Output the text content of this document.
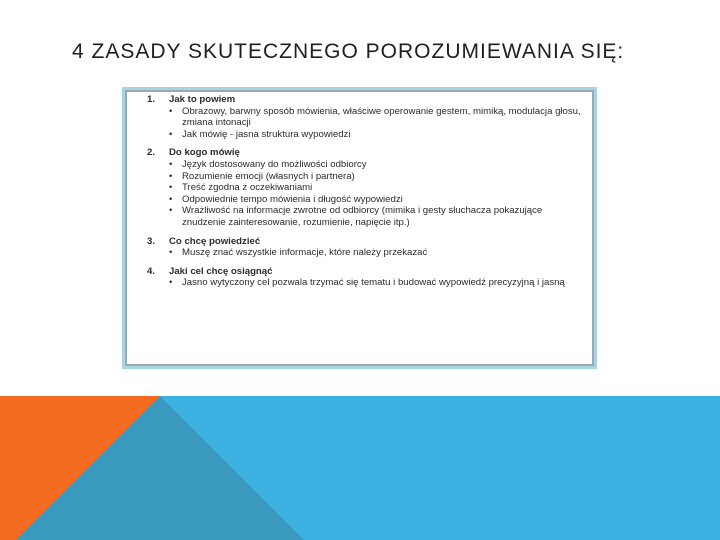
4 ZASADY SKUTECZNEGO POROZUMIEWANIA SIĘ:
1.	Jak to powiem
• Obrazowy, barwny sposób mówienia, właściwe operowanie gestem, mimiką, modulacja głosu, zmiana intonacji
• Jak mówię - jasna struktura wypowiedzi
2.	Do kogo mówię
• Język dostosowany do możliwości odbiorcy
• Rozumienie emocji (własnych i partnera)
• Treść zgodna z oczekiwaniami
• Odpowiednie tempo mówienia i długość wypowiedzi
• Wrażliwość na informacje zwrotne od odbiorcy (mimika i gesty słuchacza pokazujące znudzenie zainteresowanie, rozumienie, napięcie itp.)
3.	Co chcę powiedzieć
• Muszę znać wszystkie informacje, które należy przekazać
4.	Jaki cel chcę osiągnąć
• Jasno wytyczony cel pozwala trzymać się tematu i budować wypowiedź precyzyjną i jasną
